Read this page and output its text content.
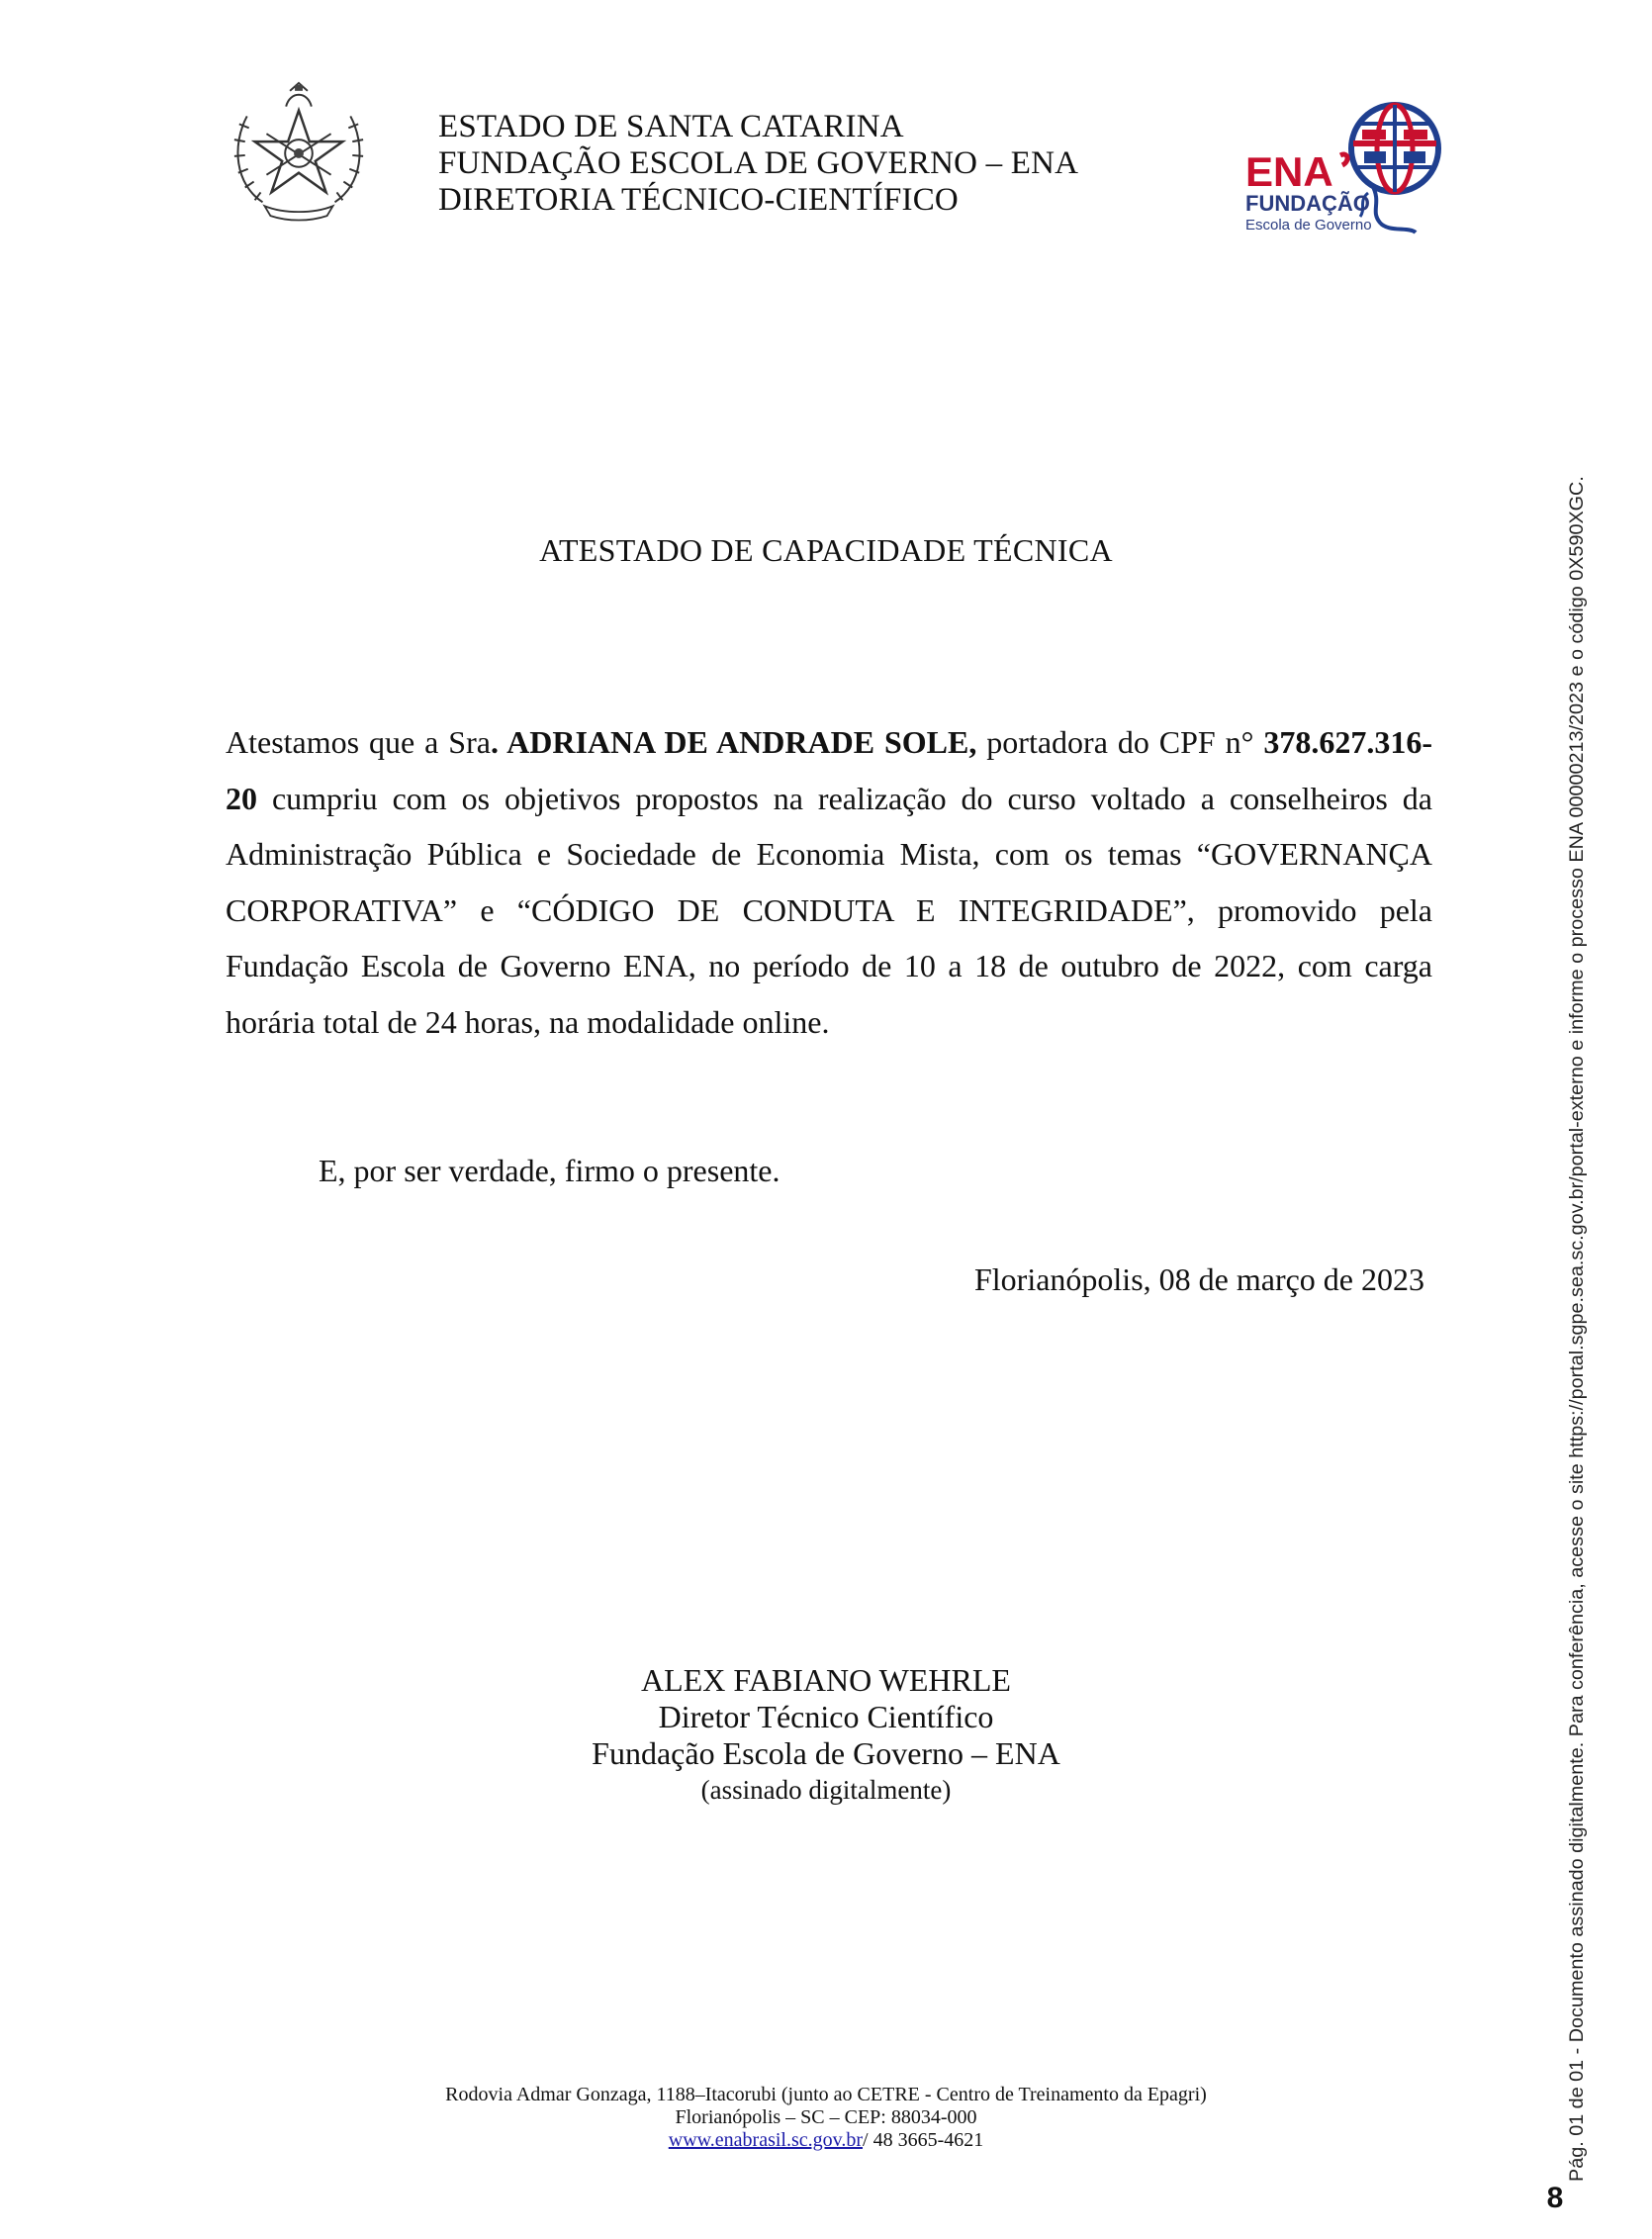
ESTADO DE SANTA CATARINA
FUNDAÇÃO ESCOLA DE GOVERNO – ENA
DIRETORIA TÉCNICO-CIENTÍFICO
ENA
FUNDAÇÃO
Escola de Governo
ATESTADO DE CAPACIDADE TÉCNICA
Atestamos que a Sra. ADRIANA DE ANDRADE SOLE, portadora do CPF n° 378.627.316-20 cumpriu com os objetivos propostos na realização do curso voltado a conselheiros da Administração Pública e Sociedade de Economia Mista, com os temas “GOVERNANÇA CORPORATIVA” e “CÓDIGO DE CONDUTA E INTEGRIDADE”, promovido pela Fundação Escola de Governo ENA, no período de 10 a 18 de outubro de 2022, com carga horária total de 24 horas, na modalidade online.
E, por ser verdade, firmo o presente.
Florianópolis, 08 de março de 2023
ALEX FABIANO WEHRLE
Diretor Técnico Científico
Fundação Escola de Governo – ENA
(assinado digitalmente)
Rodovia Admar Gonzaga, 1188–Itacorubi (junto ao CETRE - Centro de Treinamento da Epagri)
Florianópolis – SC – CEP: 88034-000
www.enabrasil.sc.gov.br/ 48 3665-4621	Pág. 01 de 01 - Documento assinado digitalmente. Para conferência, acesse o site https://portal.sgpe.sea.sc.gov.br/portal-externo e informe o processo ENA 00000213/2023 e o código 0X590XGC.
8
